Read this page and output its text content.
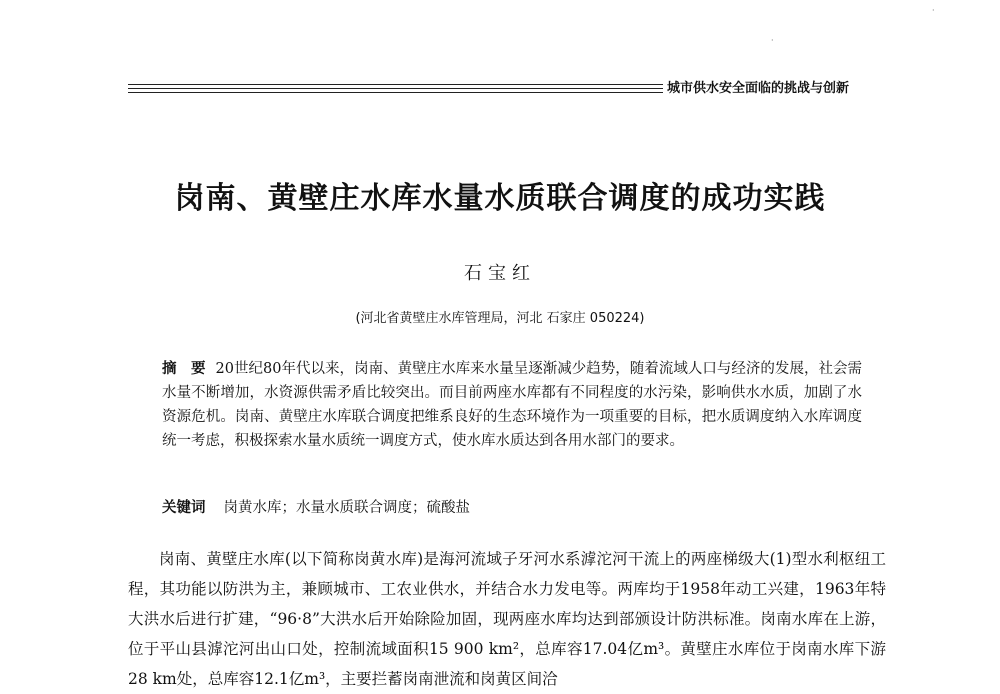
城市供水安全面临的挑战与创新
·
·
岗南、黄壁庄水库水量水质联合调度的成功实践
石宝红
(河北省黄壁庄水库管理局，河北 石家庄 050224)
摘　要 20世纪80年代以来，岗南、黄壁庄水库来水量呈逐渐减少趋势，随着流域人口与经济的发展，社会需水量不断增加，水资源供需矛盾比较突出。而目前两座水库都有不同程度的水污染，影响供水水质，加剧了水资源危机。岗南、黄壁庄水库联合调度把维系良好的生态环境作为一项重要的目标，把水质调度纳入水库调度统一考虑，积极探索水量水质统一调度方式，使水库水质达到各用水部门的要求。
关键词 岗黄水库；水量水质联合调度；硫酸盐

岗南、黄壁庄水库(以下简称岗黄水库)是海河流域子牙河水系滹沱河干流上的两座梯级大(1)型水利枢纽工程，其功能以防洪为主，兼顾城市、工农业供水，并结合水力发电等。两库均于1958年动工兴建，1963年特大洪水后进行扩建，“96·8”大洪水后开始除险加固，现两座水库均达到部颁设计防洪标准。岗南水库在上游，位于平山县滹沱河出山口处，控制流域面积15 900 km²，总库容17.04亿m³。黄壁庄水库位于岗南水库下游28 km处，总库容12.1亿m³，主要拦蓄岗南泄流和岗黄区间洽
